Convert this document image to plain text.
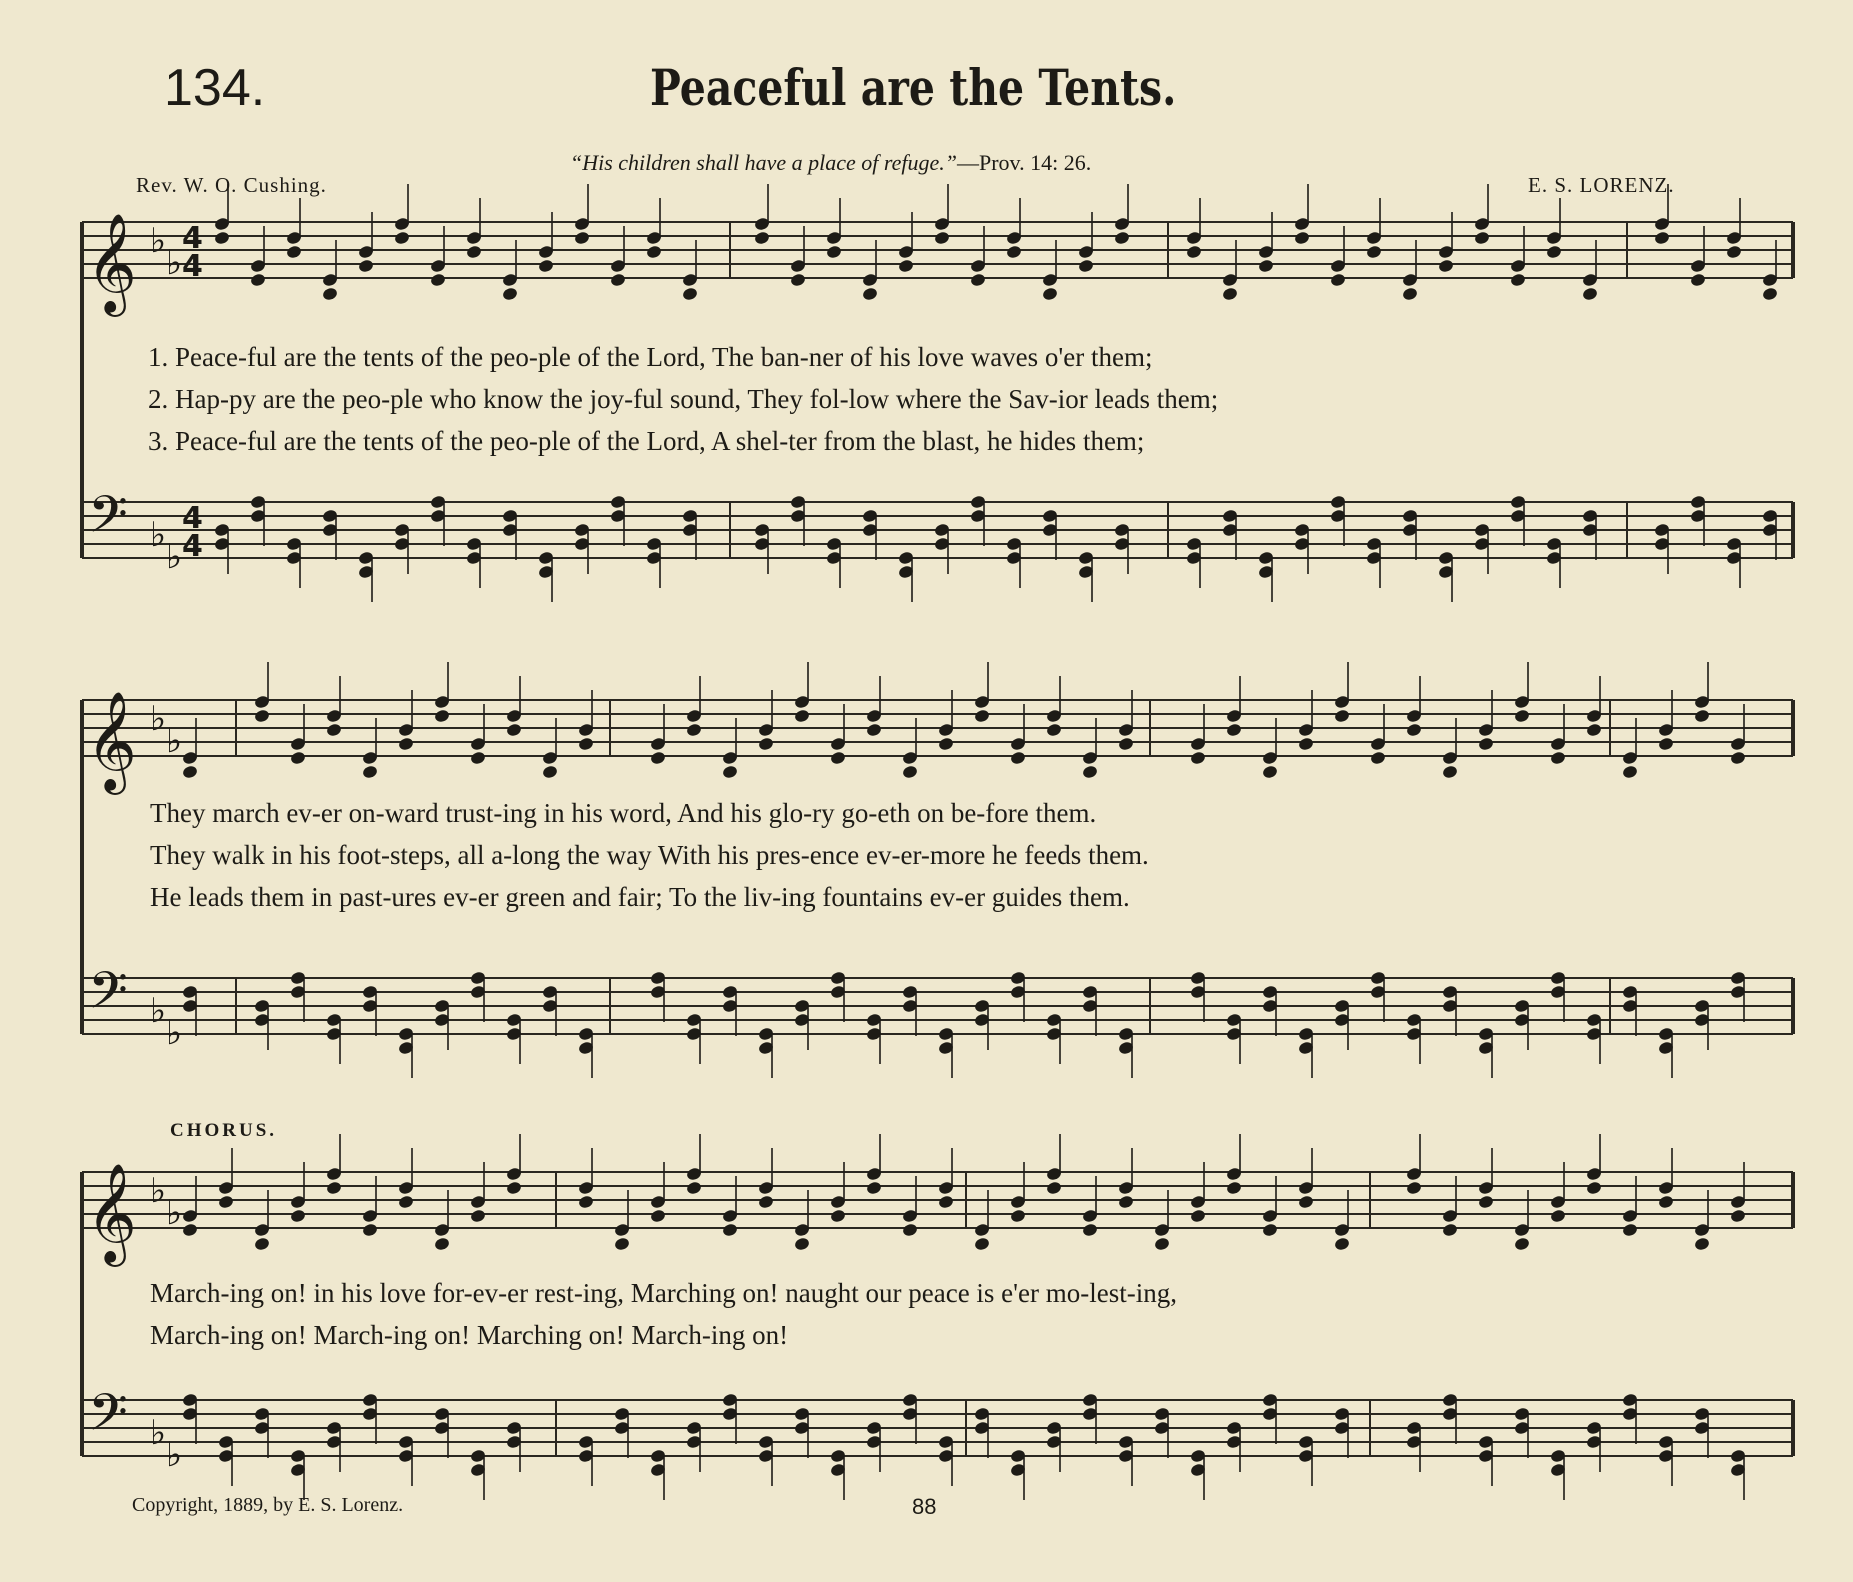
134.	Peaceful are the Tents.
“His children shall have a place of refuge.”—Prov. 14: 26.
Rev. W. O. Cushing.	E. S. LORENZ.
𝄞 ♭
♭
4
4
𝄢 ♭
♭
4
4
𝄞 ♭
♭
𝄢 ♭
♭
𝄞 ♭
♭
𝄢 ♭
♭
1. Peace-ful are the tents of the peo-ple of the Lord, The ban-ner of his love waves o'er them;
2. Hap-py are the peo-ple who know the joy-ful sound, They fol-low where the Sav-ior leads them;
3. Peace-ful are the tents of the peo-ple of the Lord, A shel-ter from the blast, he hides them;
They march ev-er on-ward trust-ing in his word, And his glo-ry go-eth on be-fore them.
They walk in his foot-steps, all a-long the way With his pres-ence ev-er-more he feeds them.
He leads them in past-ures ev-er green and fair; To the liv-ing fountains ev-er guides them.
CHORUS.
March-ing on! in his love for-ev-er rest-ing, Marching on! naught our peace is e'er mo-lest-ing,
March-ing on! March-ing on! Marching on! March-ing on!
Copyright, 1889, by E. S. Lorenz.	88
